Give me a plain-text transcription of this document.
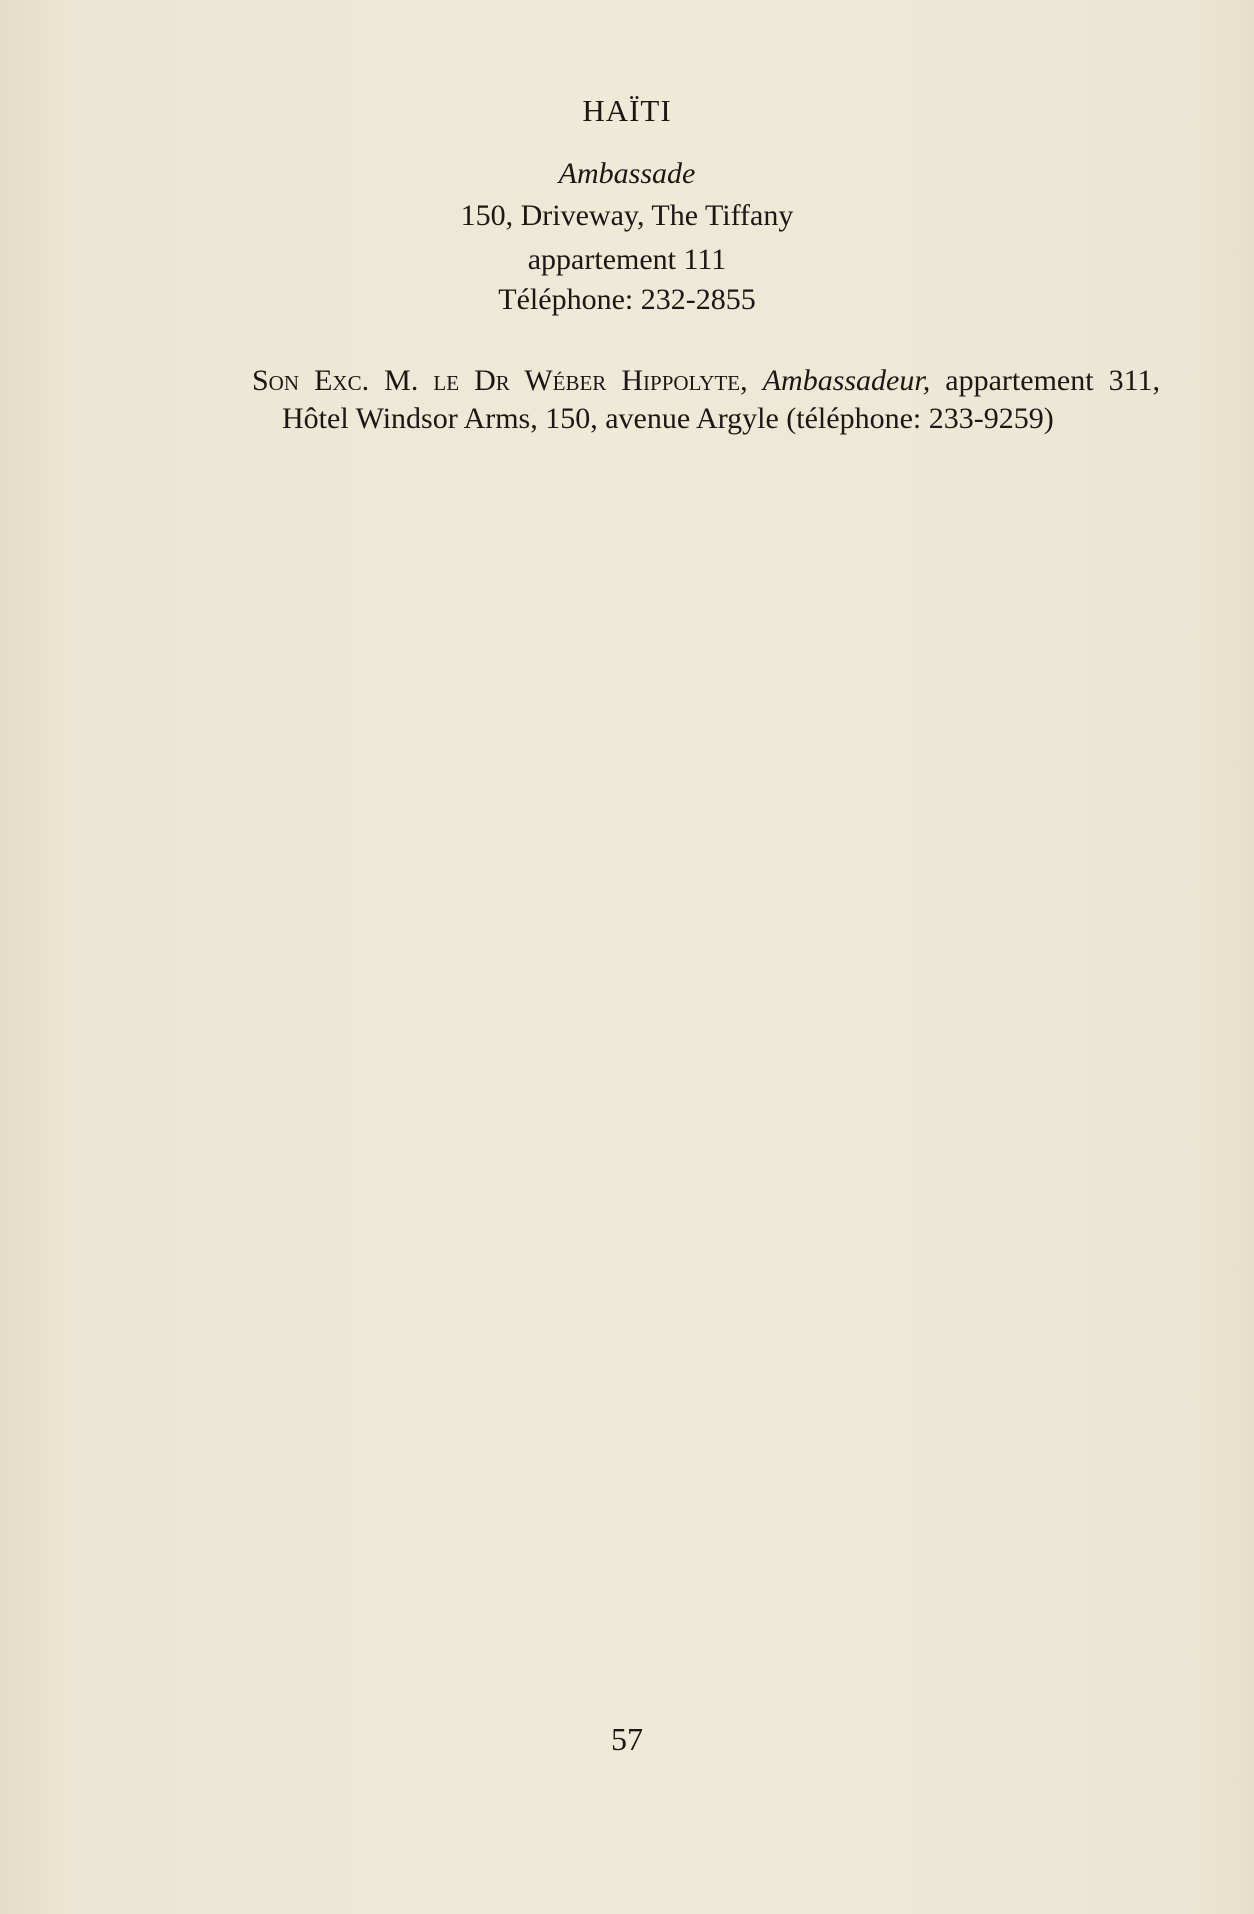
HAÏTI
Ambassade
150, Driveway, The Tiffany
appartement 111
Téléphone: 232-2855
Son Exc. M. le Dr Wéber Hippolyte, Ambassadeur, appartement 311, Hôtel Windsor Arms, 150, avenue Argyle (téléphone: 233-9259)
57
